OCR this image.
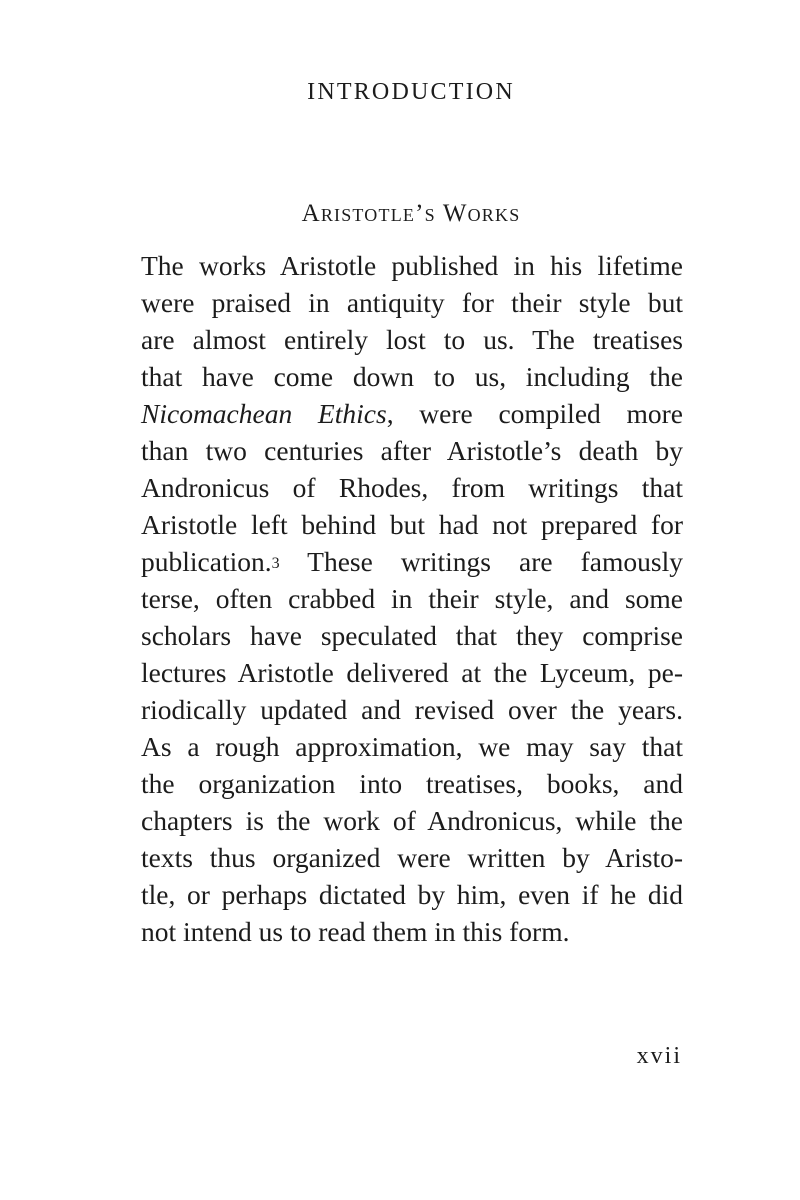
INTRODUCTION
Aristotle’s Works
The works Aristotle published in his lifetime
were praised in antiquity for their style but
are almost entirely lost to us. The treatises
that have come down to us, including the
Nicomachean Ethics, were compiled more
than two centuries after Aristotle’s death by
Andronicus of Rhodes, from writings that
Aristotle left behind but had not prepared for
publication.$^3$ These writings are famously
terse, often crabbed in their style, and some
scholars have speculated that they comprise
lectures Aristotle delivered at the Lyceum, pe-
riodically updated and revised over the years.
As a rough approximation, we may say that
the organization into treatises, books, and
chapters is the work of Andronicus, while the
texts thus organized were written by Aristo-
tle, or perhaps dictated by him, even if he did
not intend us to read them in this form.
xvii
